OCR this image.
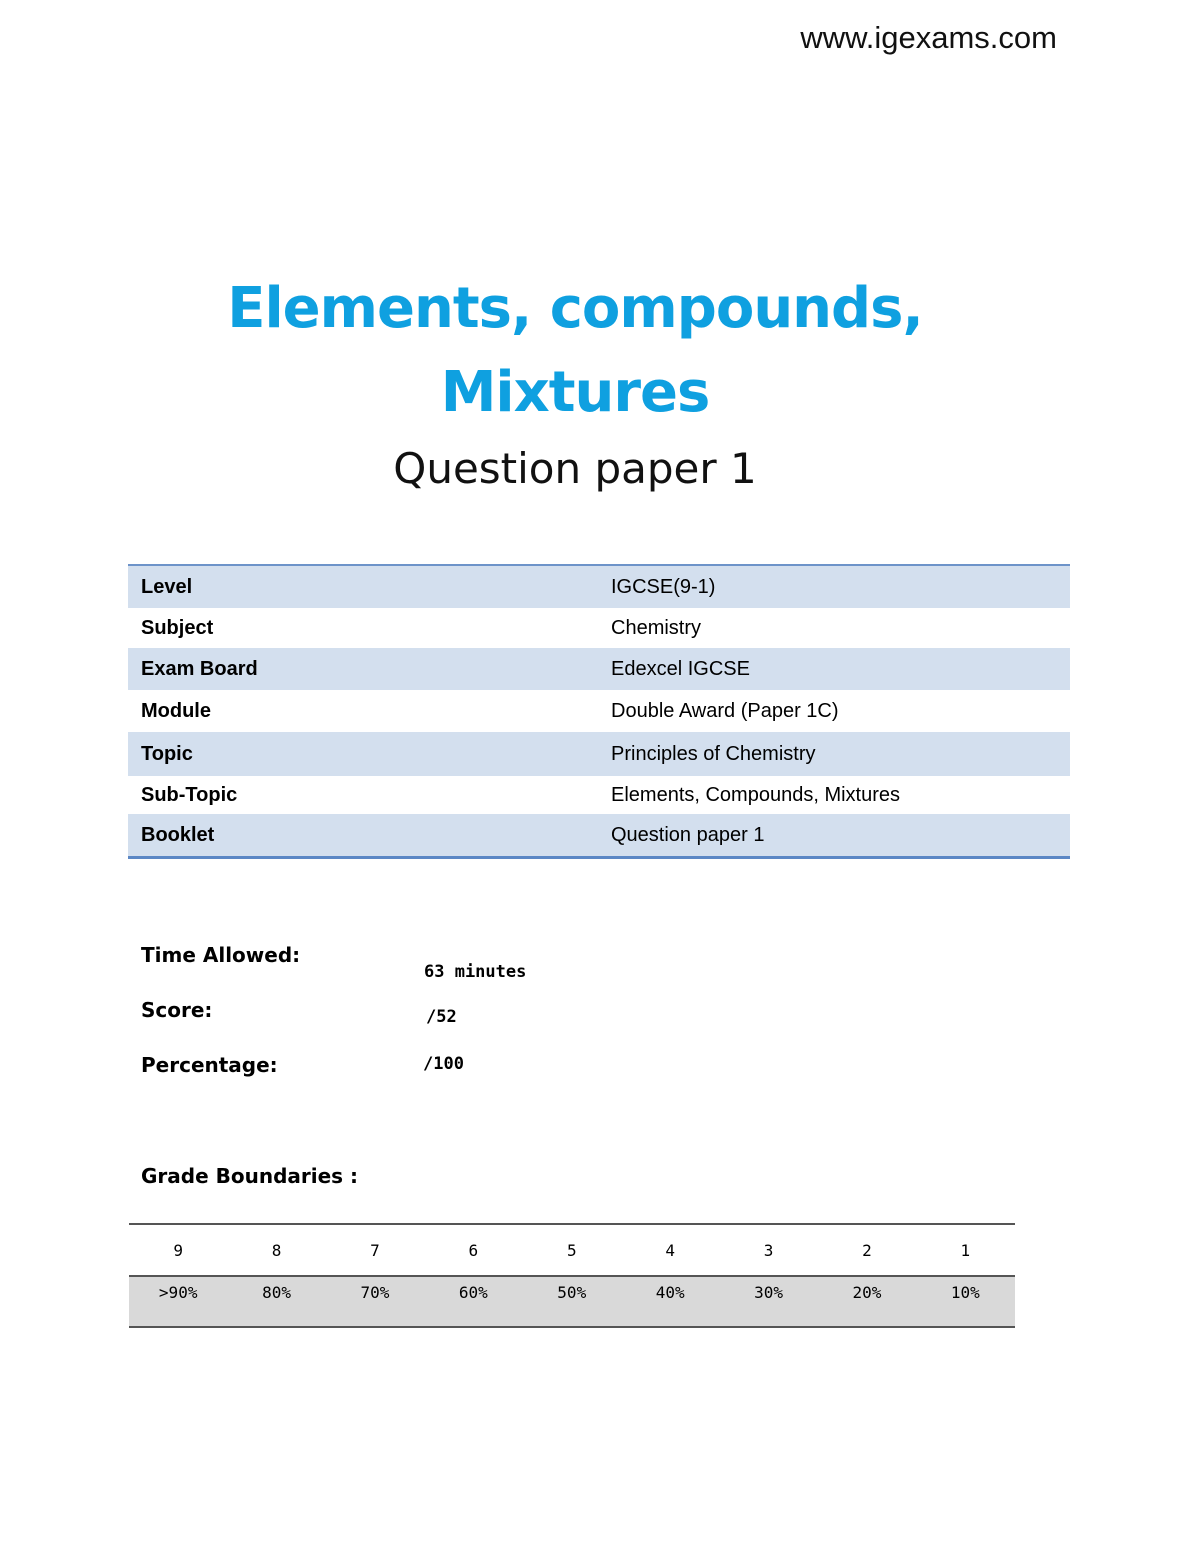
www.igexams.com
Elements, compounds,
Mixtures
Question paper 1
Level	IGCSE(9-1)
Subject	Chemistry
Exam Board	Edexcel IGCSE
Module	Double Award (Paper 1C)
Topic	Principles of Chemistry
Sub-Topic	Elements, Compounds, Mixtures
Booklet	Question paper 1
Time Allowed:
63 minutes
Score:	/52
Percentage:	/100
Grade Boundaries :
9	8	7	6	5	4	3	2	1
>90%	80%	70%	60%	50%	40%	30%	20%	10%
